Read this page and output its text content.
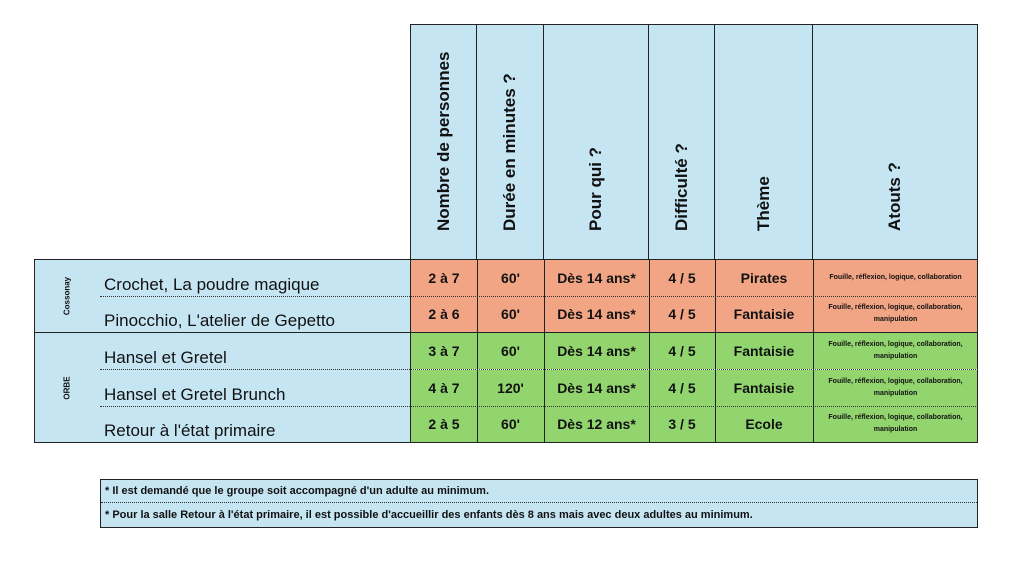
Nombre de personnes	Durée en minutes ?	Pour qui ?	Difficulté ?	Thème	Atouts ?
Cossonay
ORBE
Crochet, La poudre magique	2 à 7	60'	Dès 14 ans*	4 / 5	Pirates	Fouille, réflexion, logique, collaboration
Pinocchio, L'atelier de Gepetto	2 à 6	60'	Dès 14 ans*	4 / 5	Fantaisie	Fouille, réflexion, logique, collaboration, manipulation
Hansel et Gretel	3 à 7	60'	Dès 14 ans*	4 / 5	Fantaisie	Fouille, réflexion, logique, collaboration, manipulation
Hansel et Gretel Brunch	4 à 7	120'	Dès 14 ans*	4 / 5	Fantaisie	Fouille, réflexion, logique, collaboration, manipulation
Retour à l'état primaire	2 à 5	60'	Dès 12 ans*	3 / 5	Ecole	Fouille, réflexion, logique, collaboration, manipulation
* Il est demandé que le groupe soit accompagné d'un adulte au minimum.
* Pour la salle Retour à l'état primaire, il est possible d'accueillir des enfants dès 8 ans mais avec deux adultes au minimum.
